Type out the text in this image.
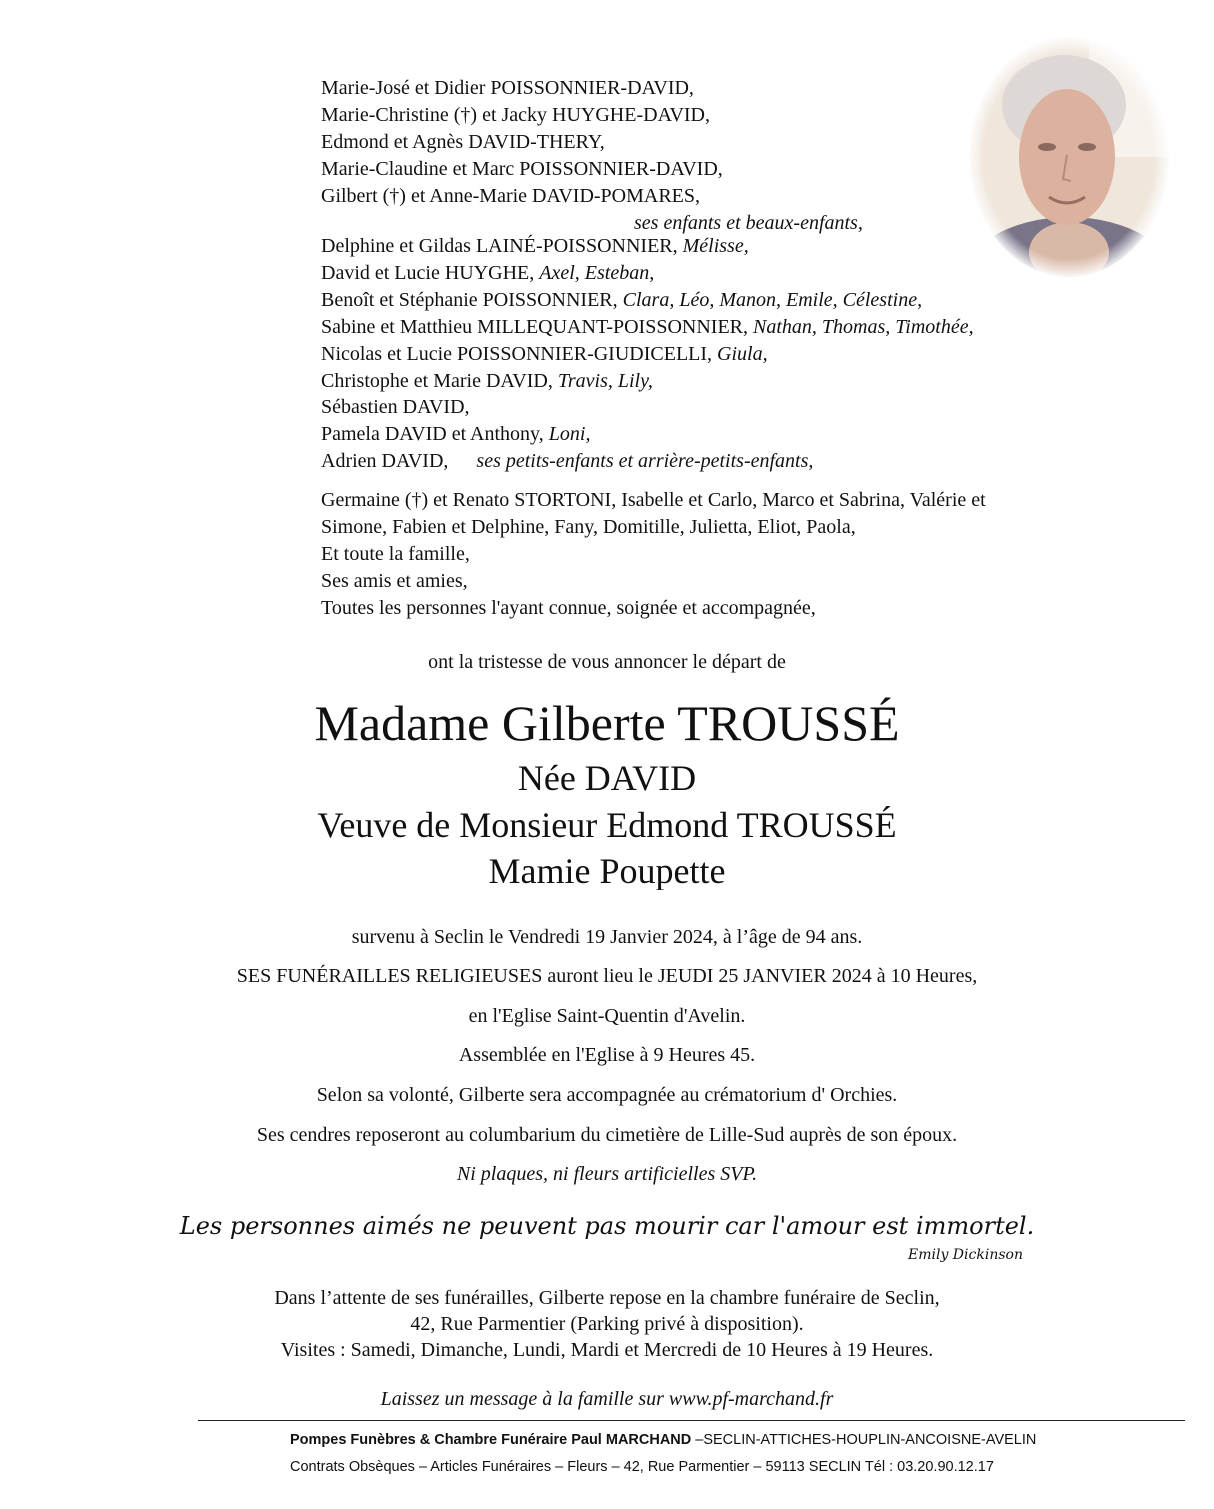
Marie-José et Didier POISSONNIER-DAVID,
Marie-Christine (†) et Jacky HUYGHE-DAVID,
Edmond et Agnès DAVID-THERY,
Marie-Claudine et Marc POISSONNIER-DAVID,
Gilbert (†) et Anne-Marie DAVID-POMARES,
ses enfants et beaux-enfants,
Delphine et Gildas LAINÉ-POISSONNIER, Mélisse,
David et Lucie HUYGHE, Axel, Esteban,
Benoît et Stéphanie POISSONNIER, Clara, Léo, Manon, Emile, Célestine,
Sabine et Matthieu MILLEQUANT-POISSONNIER, Nathan, Thomas, Timothée,
Nicolas et Lucie POISSONNIER-GIUDICELLI, Giula,
Christophe et Marie DAVID, Travis, Lily,
Sébastien DAVID,
Pamela DAVID et Anthony, Loni,
Adrien DAVID, ses petits-enfants et arrière-petits-enfants,
Germaine (†) et Renato STORTONI, Isabelle et Carlo, Marco et Sabrina, Valérie et
Simone, Fabien et Delphine, Fany, Domitille, Julietta, Eliot, Paola,
Et toute la famille,
Ses amis et amies,
Toutes les personnes l'ayant connue, soignée et accompagnée,
ont la tristesse de vous annoncer le départ de
Madame Gilberte TROUSSÉ
Née DAVID
Veuve de Monsieur Edmond TROUSSÉ
Mamie Poupette
survenu à Seclin le Vendredi 19 Janvier 2024, à l’âge de 94 ans.
SES FUNÉRAILLES RELIGIEUSES auront lieu le JEUDI 25 JANVIER 2024 à 10 Heures,
en l'Eglise Saint-Quentin d'Avelin.
Assemblée en l'Eglise à 9 Heures 45.
Selon sa volonté, Gilberte sera accompagnée au crématorium d' Orchies.
Ses cendres reposeront au columbarium du cimetière de Lille-Sud auprès de son époux.
Ni plaques, ni fleurs artificielles SVP.
Les personnes aimés ne peuvent pas mourir car l'amour est immortel.
Emily Dickinson
Dans l’attente de ses funérailles, Gilberte repose en la chambre funéraire de Seclin,
42, Rue Parmentier (Parking privé à disposition).
Visites : Samedi, Dimanche, Lundi, Mardi et Mercredi de 10 Heures à 19 Heures.
Laissez un message à la famille sur www.pf-marchand.fr
Pompes Funèbres & Chambre Funéraire Paul MARCHAND –SECLIN-ATTICHES-HOUPLIN-ANCOISNE-AVELIN
Contrats Obsèques – Articles Funéraires – Fleurs – 42, Rue Parmentier – 59113 SECLIN Tél : 03.20.90.12.17
